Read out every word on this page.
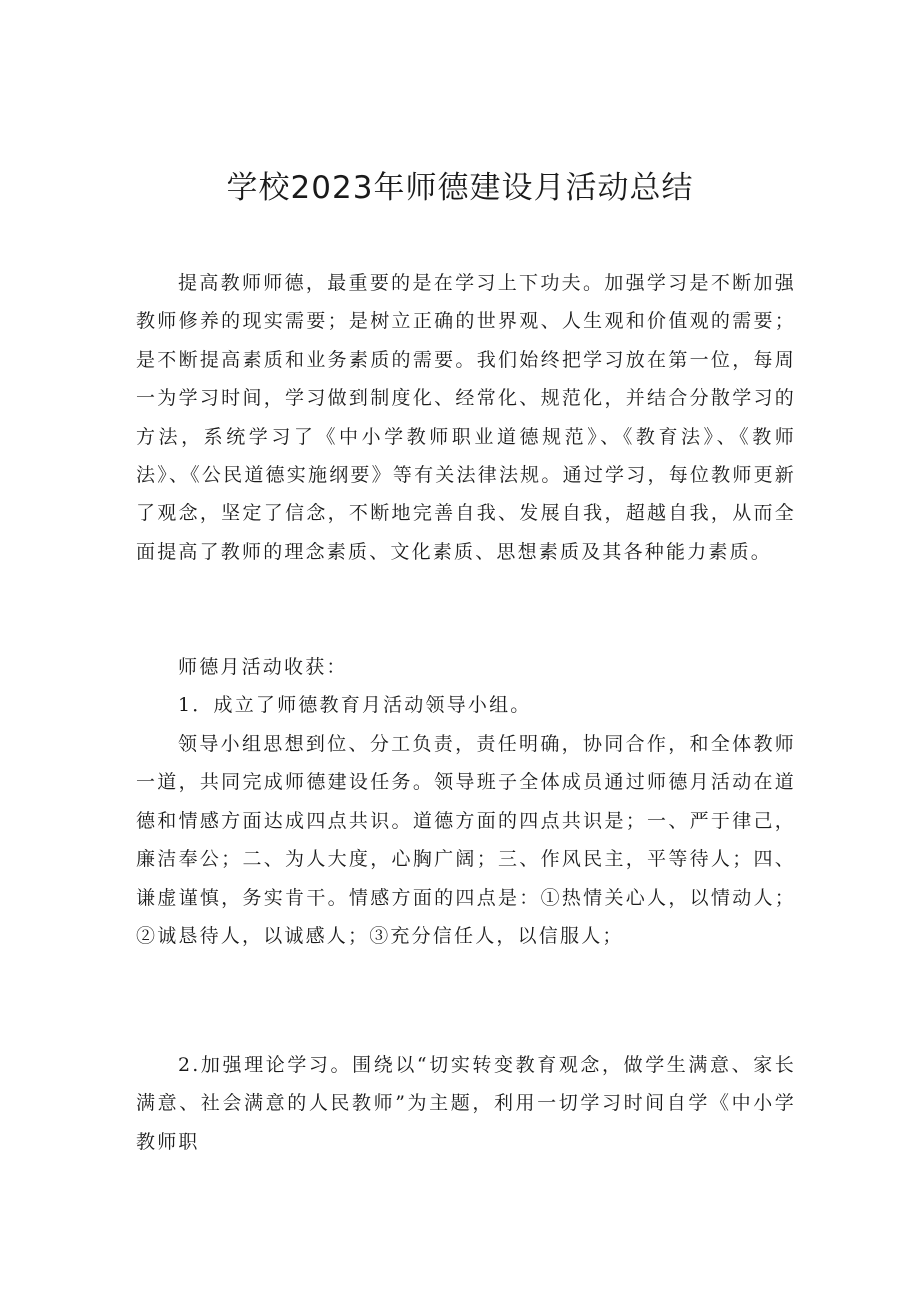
学校2023年师德建设月活动总结

提高教师师德，最重要的是在学习上下功夫。加强学习是不断加强教师修养的现实需要；是树立正确的世界观、人生观和价值观的需要；是不断提高素质和业务素质的需要。我们始终把学习放在第一位，每周一为学习时间，学习做到制度化、经常化、规范化，并结合分散学习的方法，系统学习了《中小学教师职业道德规范》、《教育法》、《教师法》、《公民道德实施纲要》等有关法律法规。通过学习，每位教师更新了观念，坚定了信念，不断地完善自我、发展自我，超越自我，从而全面提高了教师的理念素质、文化素质、思想素质及其各种能力素质。

师德月活动收获：

1．成立了师德教育月活动领导小组。

领导小组思想到位、分工负责，责任明确，协同合作，和全体教师一道，共同完成师德建设任务。领导班子全体成员通过师德月活动在道德和情感方面达成四点共识。道德方面的四点共识是；一、严于律己，廉洁奉公；二、为人大度，心胸广阔；三、作风民主，平等待人；四、谦虚谨慎，务实肯干。情感方面的四点是：①热情关心人，以情动人；②诚恳待人，以诚感人；③充分信任人，以信服人；

2.加强理论学习。围绕以“切实转变教育观念，做学生满意、家长满意、社会满意的人民教师”为主题，利用一切学习时间自学《中小学教师职
